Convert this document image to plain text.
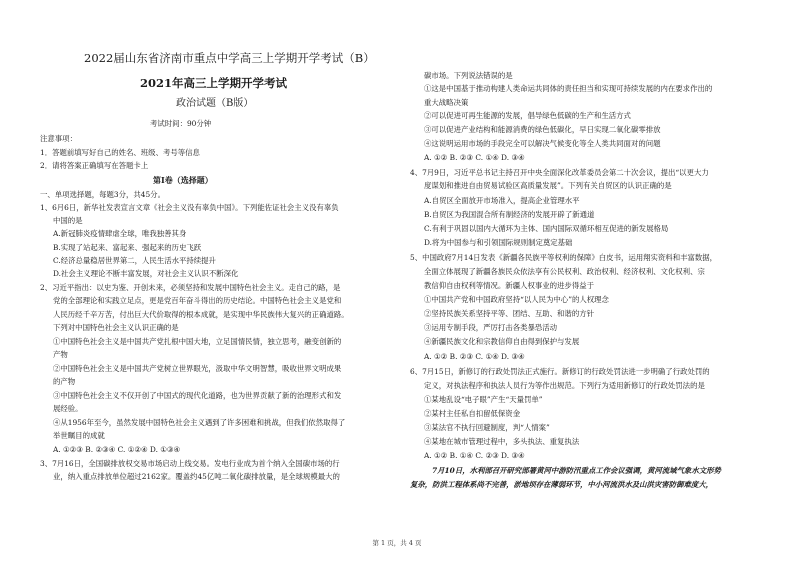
2022届山东省济南市重点中学高三上学期开学考试（B）
2021年高三上学期开学考试
政治试题（B版）
考试时间：90分钟
注意事项：
1．答题前填写好自己的姓名、班级、考号等信息
2．请将答案正确填写在答题卡上
第Ⅰ卷（选择题）
一、单项选择题，每题3分，共45分。
1、6月6日，新华社发表宣言文章《社会主义没有辜负中国》。下列能佐证社会主义没有辜负
中国的是
A.新冠肺炎疫情肆虐全球，唯我独善其身
B.实现了站起来、富起来、强起来的历史飞跃
C.经济总量稳居世界第二，人民生活水平持续提升
D.社会主义理论不断丰富发展，对社会主义认识不断深化
2、习近平指出：以史为鉴、开创未来，必须坚持和发展中国特色社会主义。走自己的路，是
党的全部理论和实践立足点，更是党百年奋斗得出的历史结论。中国特色社会主义是党和
人民历经千辛万苦，付出巨大代价取得的根本成就，是实现中华民族伟大复兴的正确道路。
下列对中国特色社会主义认识正确的是
①中国特色社会主义是中国共产党扎根中国大地，立足国情民情，独立思考，融变创新的
产物
②中国特色社会主义是中国共产党树立世界眼光，汲取中华文明智慧，吸收世界文明成果
的产物
③中国特色社会主义不仅开创了中国式的现代化道路，也为世界贡献了新的治理形式和发
展经验。
④从1956年至今，虽然发展中国特色社会主义遇到了许多困难和挑战，但我们依然取得了
举世瞩目的成就
A. ①②③ B. ②③④ C. ①②④ D. ①③④
3、7月16日，全国碳排放权交易市场启动上线交易。发电行业成为首个纳入全国碳市场的行
业，纳入重点排放单位超过2162家。覆盖约45亿吨二氧化碳排放量，是全球规模最大的
碳市场。下列说法错误的是
①这是中国基于推动构建人类命运共同体的责任担当和实现可持续发展的内在要求作出的
重大战略决策
②可以促进可再生能源的发展，倡导绿色低碳的生产和生活方式
③可以促进产业结构和能源消费的绿色低碳化，早日实现二氧化碳零排放
④这说明运用市场的手段完全可以解决气候变化等全人类共同面对的问题
A. ①② B. ②③ C. ①④ D. ③④
4、7月9日，习近平总书记主持召开中央全面深化改革委员会第二十次会议，提出“以更大力
度谋划和推进自由贸易试验区高质量发展”。下列有关自贸区的认识正确的是
A.自贸区全面放开市场准入，提高企业管理水平
B.自贸区为我国混合所有制经济的发展开辟了新通道
C.有利于巩固以国内大循环为主体、国内国际双循环相互促进的新发展格局
D.将为中国参与和引领国际规则制定奠定基础
5、中国政府7月14日发表《新疆各民族平等权利的保障》白皮书，运用翔实资料和丰富数据，
全面立体展现了新疆各族民众依法享有公民权利、政治权利、经济权利、文化权利、宗
教信仰自由权利等情况。新疆人权事业的进步得益于
①中国共产党和中国政府坚持“以人民为中心”的人权理念
②坚持民族关系坚持平等、团结、互助、和谐的方针
③运用专制手段，严厉打击各类暴恐活动
④新疆民族文化和宗教信仰自由得到保护与发展
A. ①② B. ②③ C. ①④ D. ③④
6、7月15日，新修订的行政处罚法正式施行。新修订的行政处罚法进一步明确了行政处罚的
定义，对执法程序和执法人员行为等作出规范。下列行为适用新修订的行政处罚法的是
①某地乱设“电子眼”产生“天量罚单”
②某村主任私自扣留低保资金
③某法官不执行回避制度，判“人情案”
④某地在城市管理过程中，多头执法、重复执法
A. ①② B. ①④ C. ②③ D. ③④
7月10日，水利部召开研究部署黄河中游防汛重点工作会议强调，黄河流域气象水文形势
复杂，防洪工程体系尚不完善，淤地坝存在薄弱环节，中小河流洪水及山洪灾害防御难度大，
第 1 页，共 4 页
